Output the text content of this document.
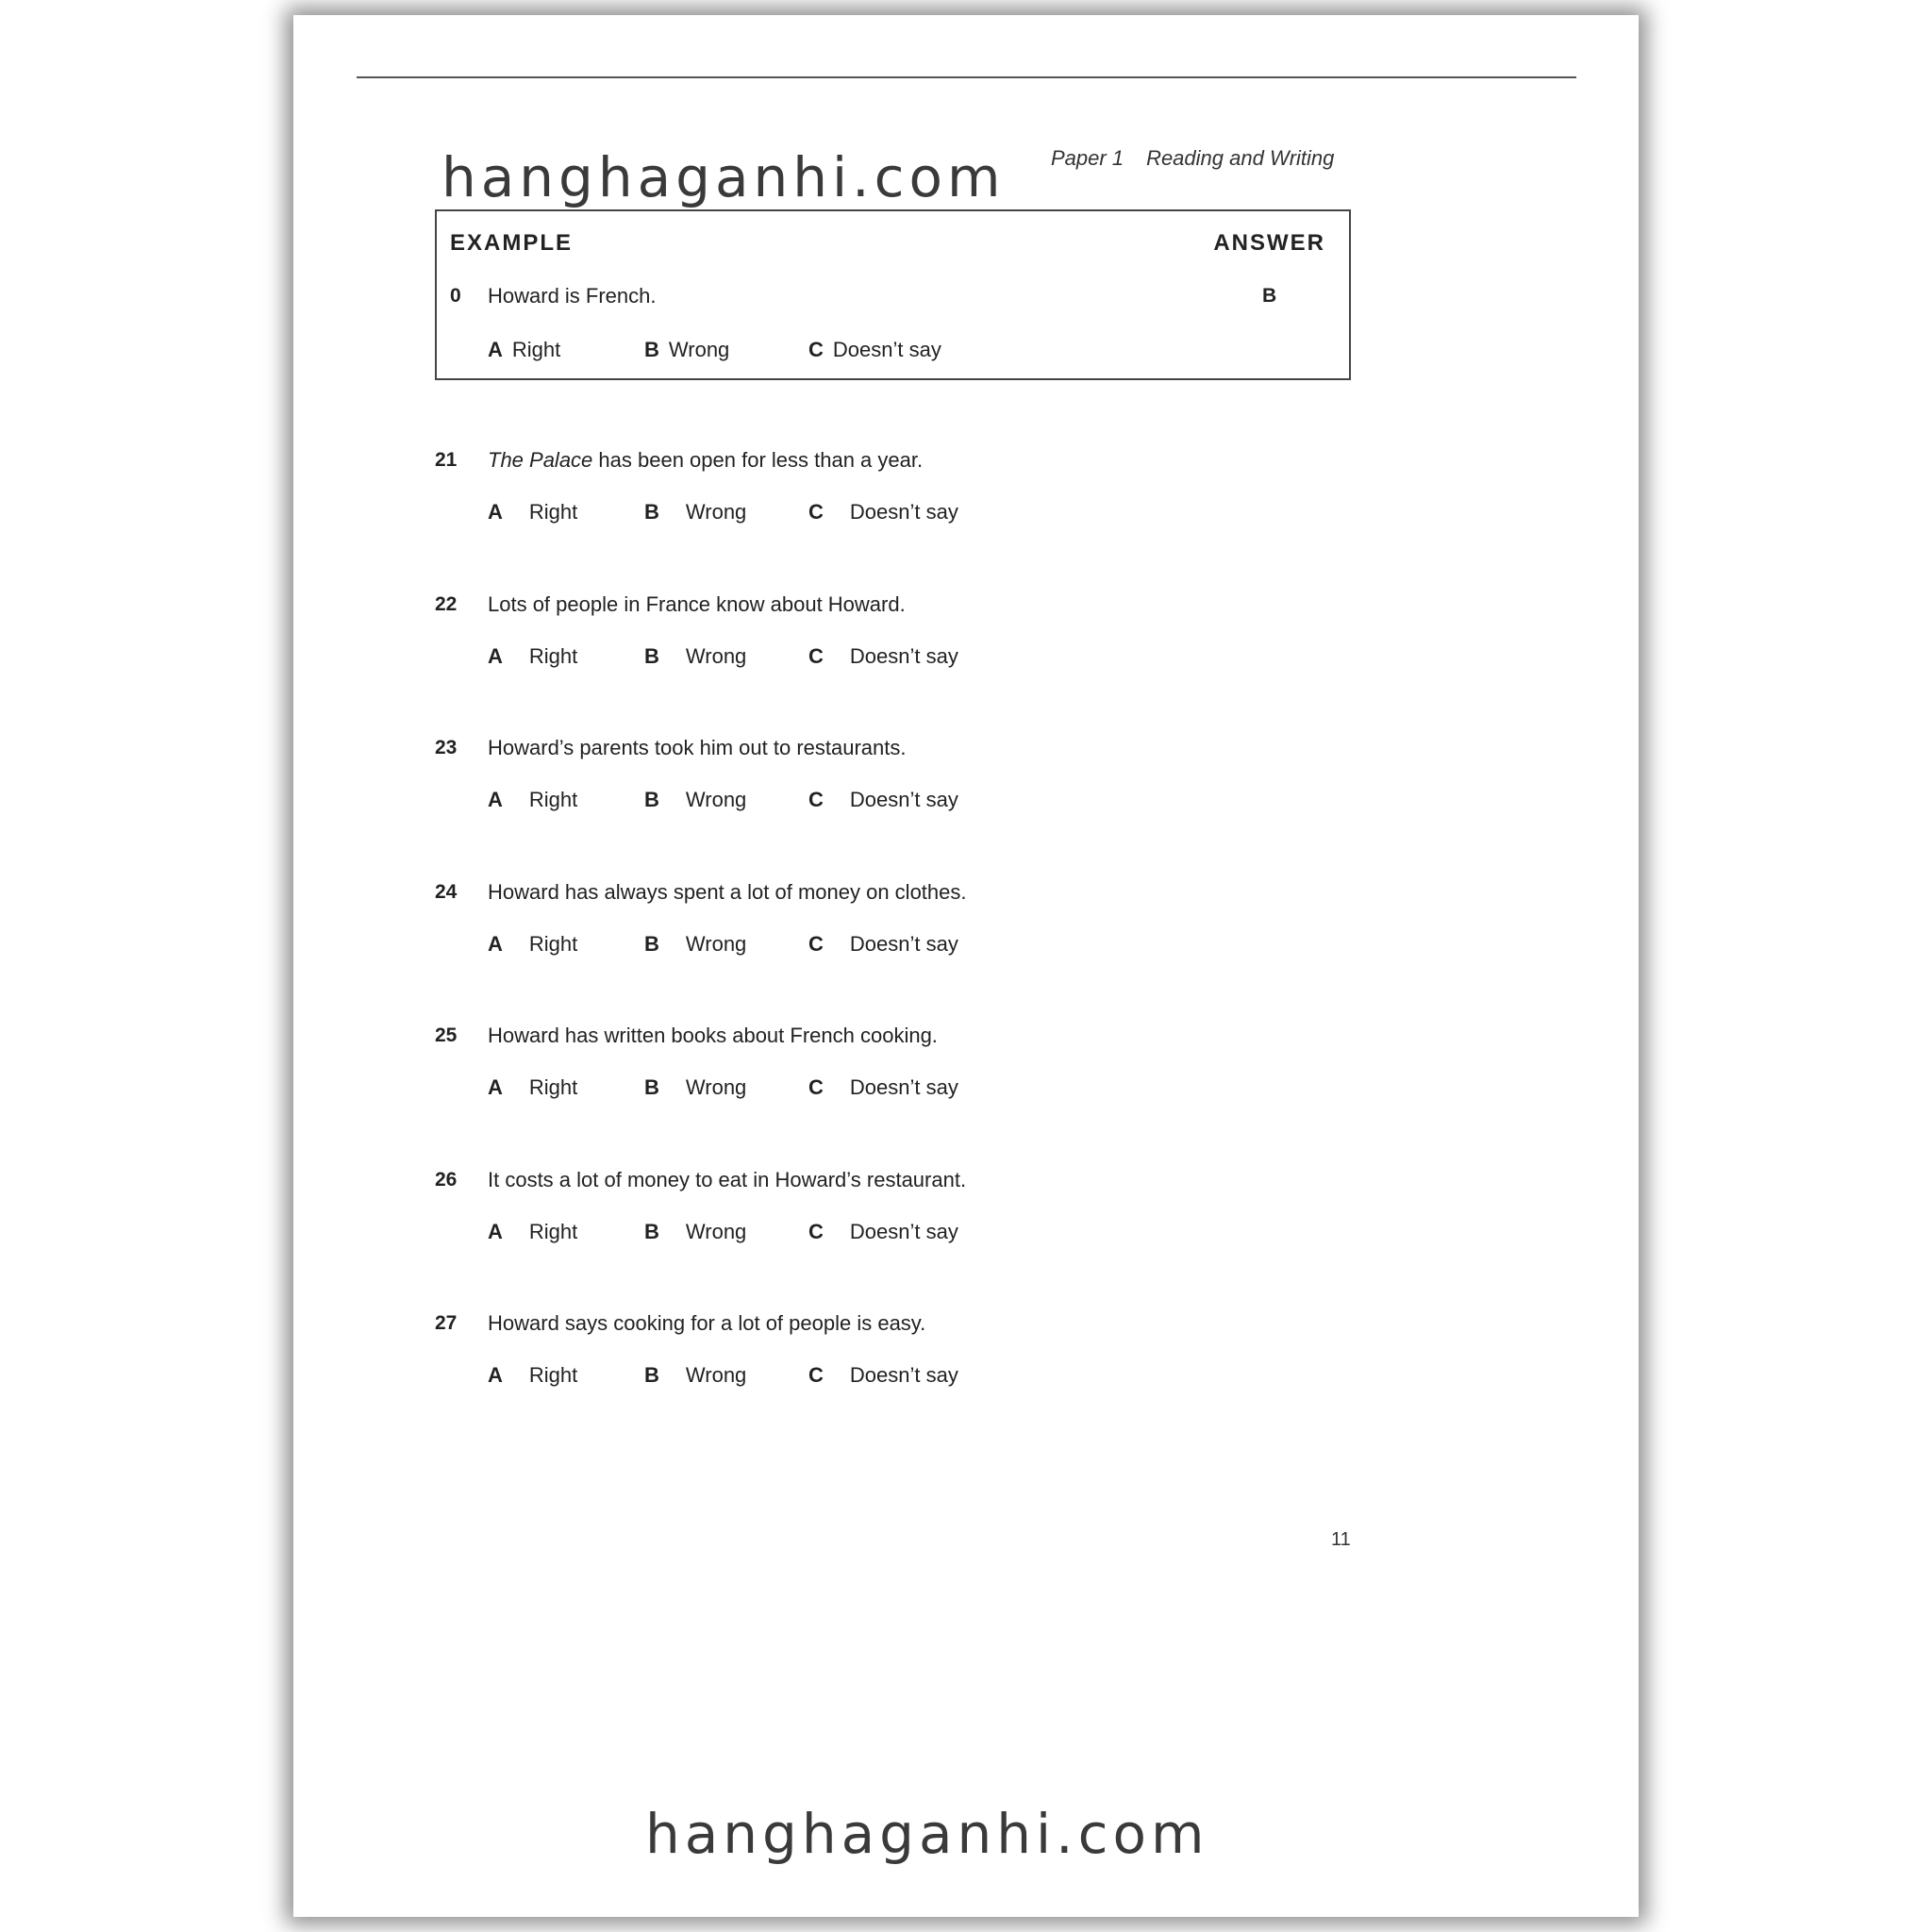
hanghaganhi.com Paper 1 Reading and Writing
EXAMPLE	ANSWER
0 Howard is French.	B
A Right	B Wrong	C Doesn’t say
21 The Palace has been open for less than a year.
A Right	B Wrong	C Doesn’t say
22 Lots of people in France know about Howard.
A Right	B Wrong	C Doesn’t say
23 Howard’s parents took him out to restaurants.
A Right	B Wrong	C Doesn’t say
24 Howard has always spent a lot of money on clothes.
A Right	B Wrong	C Doesn’t say
25 Howard has written books about French cooking.
A Right	B Wrong	C Doesn’t say
26 It costs a lot of money to eat in Howard’s restaurant.
A Right	B Wrong	C Doesn’t say
27 Howard says cooking for a lot of people is easy.
A Right	B Wrong	C Doesn’t say
11
hanghaganhi.com
